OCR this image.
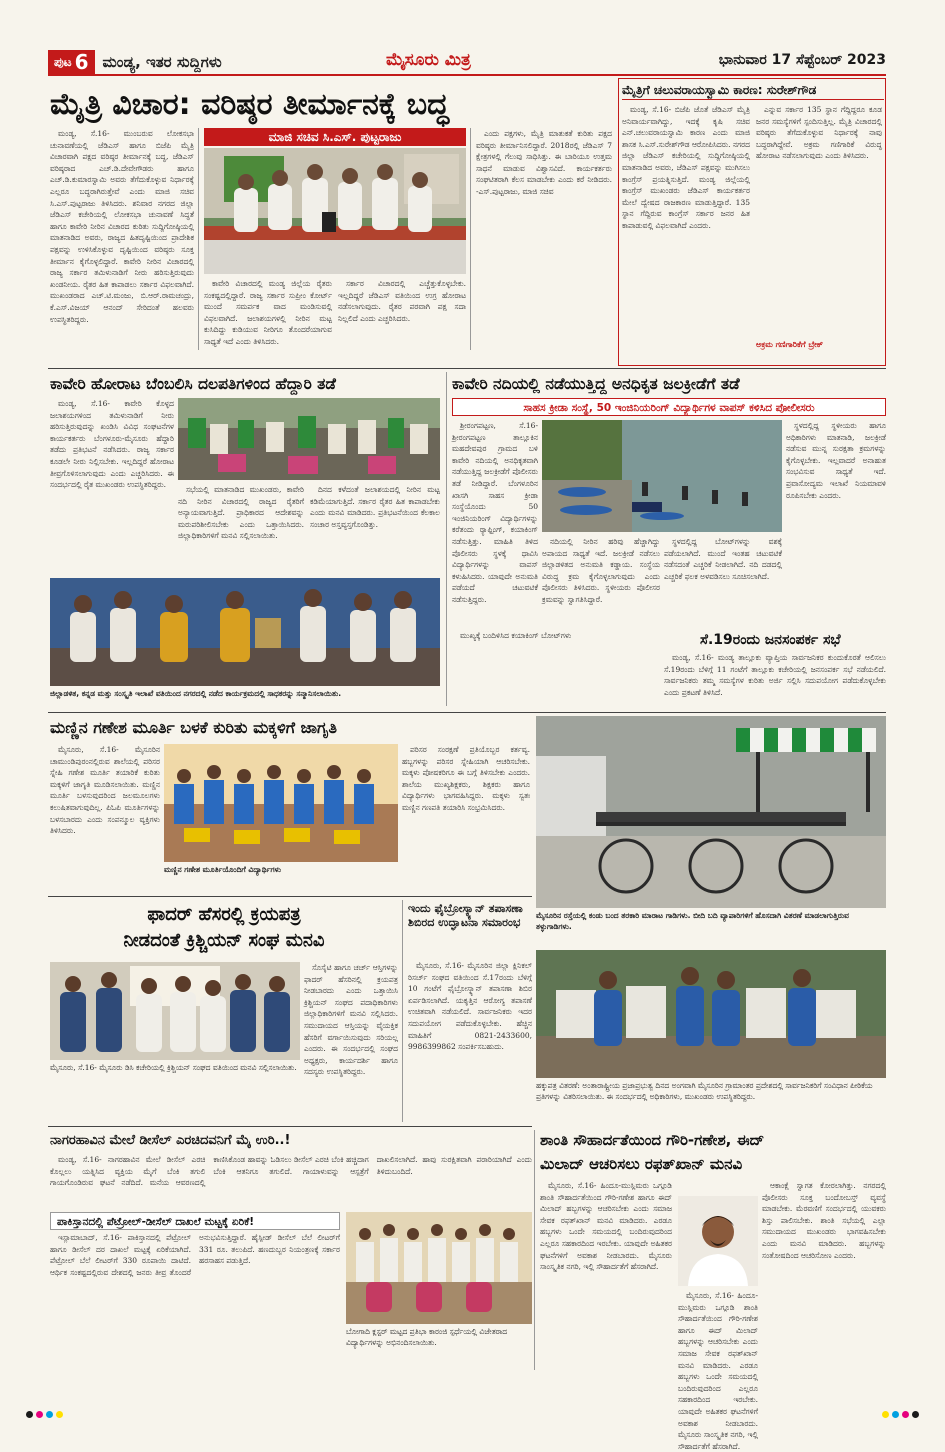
ಪುಟ 6 ಮಂಡ್ಯ, ಇತರ ಸುದ್ದಿಗಳು	ಮೈಸೂರು ಮಿತ್ರ	ಭಾನುವಾರ 17 ಸೆಪ್ಟೆಂಬರ್ 2023
ಮೈತ್ರಿ ವಿಚಾರ: ವರಿಷ್ಠರ ತೀರ್ಮಾನಕ್ಕೆ ಬದ್ಧ

ಮಂಡ್ಯ, ಸೆ.16- ಮುಂಬರುವ ಲೋಕಸಭಾ ಚುನಾವಣೆಯಲ್ಲಿ ಜೆಡಿಎಸ್ ಹಾಗೂ ಬಿಜೆಪಿ ಮೈತ್ರಿ ವಿಚಾರವಾಗಿ ಪಕ್ಷದ ವರಿಷ್ಠರ ತೀರ್ಮಾನಕ್ಕೆ ಬದ್ಧ, ಜೆಡಿಎಸ್ ವರಿಷ್ಠರಾದ ಎಚ್.ಡಿ.ದೇವೇಗೌಡರು ಹಾಗೂ ಎಚ್.ಡಿ.ಕುಮಾರಸ್ವಾಮಿ ಅವರು ತೆಗೆದುಕೊಳ್ಳುವ ನಿರ್ಧಾರಕ್ಕೆ ಎಲ್ಲರೂ ಬದ್ಧರಾಗಿರುತ್ತೇವೆ ಎಂದು ಮಾಜಿ ಸಚಿವ ಸಿ.ಎಸ್.ಪುಟ್ಟರಾಜು ತಿಳಿಸಿದರು. ಶನಿವಾರ ನಗರದ ಜಿಲ್ಲಾ ಜೆಡಿಎಸ್ ಕಚೇರಿಯಲ್ಲಿ ಲೋಕಸಭಾ ಚುನಾವಣೆ ಸಿದ್ಧತೆ ಹಾಗೂ ಕಾವೇರಿ ನೀರಿನ ವಿಚಾರದ ಕುರಿತು ಸುದ್ದಿಗೋಷ್ಠಿಯಲ್ಲಿ ಮಾತನಾಡಿದ ಅವರು, ರಾಜ್ಯದ ಹಿತದೃಷ್ಟಿಯಿಂದ ಪ್ರಾದೇಶಿಕ ಪಕ್ಷವನ್ನು ಉಳಿಸಿಕೊಳ್ಳುವ ದೃಷ್ಟಿಯಿಂದ ವರಿಷ್ಠರು ಸೂಕ್ತ ತೀರ್ಮಾನ ಕೈಗೊಳ್ಳಲಿದ್ದಾರೆ. ಕಾವೇರಿ ನೀರಿನ ವಿಚಾರದಲ್ಲಿ ರಾಜ್ಯ ಸರ್ಕಾರ ತಮಿಳುನಾಡಿಗೆ ನೀರು ಹರಿಸುತ್ತಿರುವುದು ಖಂಡನೀಯ. ರೈತರ ಹಿತ ಕಾಪಾಡಲು ಸರ್ಕಾರ ವಿಫಲವಾಗಿದೆ. ಮುಖಂಡರಾದ ಎಚ್.ಟಿ.ಮಂಜು, ಬಿ.ಆರ್.ರಾಮಚಂದ್ರು, ಕೆ.ಎಸ್.ವಿಜಯ್ ಆನಂದ್ ಸೇರಿದಂತೆ ಹಲವರು ಉಪಸ್ಥಿತರಿದ್ದರು.

ಮಾಜಿ ಸಚಿವ ಸಿ.ಎಸ್. ಪುಟ್ಟರಾಜು

ಕಾವೇರಿ ವಿಚಾರದಲ್ಲಿ ಮಂಡ್ಯ ಜಿಲ್ಲೆಯ ರೈತರು ಸಂಕಷ್ಟದಲ್ಲಿದ್ದಾರೆ. ರಾಜ್ಯ ಸರ್ಕಾರ ಸುಪ್ರೀಂ ಕೋರ್ಟ್ ಮುಂದೆ ಸಮರ್ಪಕ ವಾದ ಮಂಡಿಸುವಲ್ಲಿ ವಿಫಲವಾಗಿದೆ. ಜಲಾಶಯಗಳಲ್ಲಿ ನೀರಿನ ಮಟ್ಟ ಕುಸಿದಿದ್ದು ಕುಡಿಯುವ ನೀರಿಗೂ ತೊಂದರೆಯಾಗುವ ಸಾಧ್ಯತೆ ಇದೆ ಎಂದು ತಿಳಿಸಿದರು.

ಸರ್ಕಾರ ವಿಚಾರದಲ್ಲಿ ಎಚ್ಚೆತ್ತುಕೊಳ್ಳಬೇಕು. ಇಲ್ಲದಿದ್ದರೆ ಜೆಡಿಎಸ್ ವತಿಯಿಂದ ಉಗ್ರ ಹೋರಾಟ ನಡೆಸಲಾಗುವುದು. ರೈತರ ಪರವಾಗಿ ಪಕ್ಷ ಸದಾ ನಿಲ್ಲಲಿದೆ ಎಂದು ಎಚ್ಚರಿಸಿದರು.

ಎಂದು ಪಕ್ಷಗಳು, ಮೈತ್ರಿ ಮಾತುಕತೆ ಕುರಿತು ಪಕ್ಷದ ವರಿಷ್ಠರು ತೀರ್ಮಾನಿಸಲಿದ್ದಾರೆ. 2018ರಲ್ಲಿ ಜೆಡಿಎಸ್ 7 ಕ್ಷೇತ್ರಗಳಲ್ಲಿ ಗೆಲುವು ಸಾಧಿಸಿತ್ತು. ಈ ಬಾರಿಯೂ ಉತ್ತಮ ಸಾಧನೆ ಮಾಡುವ ವಿಶ್ವಾಸವಿದೆ. ಕಾರ್ಯಕರ್ತರು ಸಂಘಟಿತರಾಗಿ ಕೆಲಸ ಮಾಡಬೇಕು ಎಂದು ಕರೆ ನೀಡಿದರು. -ಎಸ್.ಪುಟ್ಟರಾಜು, ಮಾಜಿ ಸಚಿವ

ಮೈತ್ರಿಗೆ ಚಲುವರಾಯಸ್ವಾಮಿ ಕಾರಣ: ಸುರೇಶ್‌ಗೌಡ

ಮಂಡ್ಯ, ಸೆ.16- ಬಿಜೆಪಿ ಜೊತೆ ಜೆಡಿಎಸ್ ಮೈತ್ರಿ ಅನಿವಾರ್ಯವಾಗಿದ್ದು, ಇದಕ್ಕೆ ಕೃಷಿ ಸಚಿವ ಎನ್.ಚಲುವರಾಯಸ್ವಾಮಿ ಕಾರಣ ಎಂದು ಮಾಜಿ ಶಾಸಕ ಸಿ.ಎಸ್.ಸುರೇಶ್‌ಗೌಡ ಆರೋಪಿಸಿದರು. ನಗರದ ಜಿಲ್ಲಾ ಜೆಡಿಎಸ್ ಕಚೇರಿಯಲ್ಲಿ ಸುದ್ದಿಗೋಷ್ಠಿಯಲ್ಲಿ ಮಾತನಾಡಿದ ಅವರು, ಜೆಡಿಎಸ್ ಪಕ್ಷವನ್ನು ಮುಗಿಸಲು ಕಾಂಗ್ರೆಸ್ ಪ್ರಯತ್ನಿಸುತ್ತಿದೆ. ಮಂಡ್ಯ ಜಿಲ್ಲೆಯಲ್ಲಿ ಕಾಂಗ್ರೆಸ್ ಮುಖಂಡರು ಜೆಡಿಎಸ್ ಕಾರ್ಯಕರ್ತರ ಮೇಲೆ ದ್ವೇಷದ ರಾಜಕಾರಣ ಮಾಡುತ್ತಿದ್ದಾರೆ. 135 ಸ್ಥಾನ ಗೆದ್ದಿರುವ ಕಾಂಗ್ರೆಸ್ ಸರ್ಕಾರ ಜನರ ಹಿತ ಕಾಪಾಡುವಲ್ಲಿ ವಿಫಲವಾಗಿದೆ ಎಂದರು.

ಎನ್ನುವ ಸರ್ಕಾರ 135 ಸ್ಥಾನ ಗೆದ್ದಿದ್ದರೂ ಕೂಡ ಜನರ ಸಮಸ್ಯೆಗಳಿಗೆ ಸ್ಪಂದಿಸುತ್ತಿಲ್ಲ. ಮೈತ್ರಿ ವಿಚಾರದಲ್ಲಿ ವರಿಷ್ಠರು ತೆಗೆದುಕೊಳ್ಳುವ ನಿರ್ಧಾರಕ್ಕೆ ನಾವು ಬದ್ಧರಾಗಿದ್ದೇವೆ. ಅಕ್ರಮ ಗಣಿಗಾರಿಕೆ ವಿರುದ್ಧ ಹೋರಾಟ ನಡೆಸಲಾಗುವುದು ಎಂದು ತಿಳಿಸಿದರು.

ಅಕ್ರಮ ಗಣಿಗಾರಿಕೆಗೆ ಬ್ರೇಕ್
ಕಾವೇರಿ ಹೋರಾಟ ಬೆಂಬಲಿಸಿ ದಲಪತಿಗಳಿಂದ ಹೆದ್ದಾರಿ ತಡೆ

ಮಂಡ್ಯ, ಸೆ.16- ಕಾವೇರಿ ಕೊಳ್ಳದ ಜಲಾಶಯಗಳಿಂದ ತಮಿಳುನಾಡಿಗೆ ನೀರು ಹರಿಸುತ್ತಿರುವುದನ್ನು ಖಂಡಿಸಿ ವಿವಿಧ ಸಂಘಟನೆಗಳ ಕಾರ್ಯಕರ್ತರು ಬೆಂಗಳೂರು-ಮೈಸೂರು ಹೆದ್ದಾರಿ ತಡೆದು ಪ್ರತಿಭಟನೆ ನಡೆಸಿದರು. ರಾಜ್ಯ ಸರ್ಕಾರ ಕೂಡಲೇ ನೀರು ನಿಲ್ಲಿಸಬೇಕು. ಇಲ್ಲದಿದ್ದರೆ ಹೋರಾಟ ತೀವ್ರಗೊಳಿಸಲಾಗುವುದು ಎಂದು ಎಚ್ಚರಿಸಿದರು. ಈ ಸಂದರ್ಭದಲ್ಲಿ ರೈತ ಮುಖಂಡರು ಉಪಸ್ಥಿತರಿದ್ದರು.

ಸಭೆಯಲ್ಲಿ ಮಾತನಾಡಿದ ಮುಖಂಡರು, ಕಾವೇರಿ ನದಿ ನೀರಿನ ವಿಚಾರದಲ್ಲಿ ರಾಜ್ಯದ ರೈತರಿಗೆ ಅನ್ಯಾಯವಾಗುತ್ತಿದೆ. ಪ್ರಾಧಿಕಾರದ ಆದೇಶವನ್ನು ಮರುಪರಿಶೀಲಿಸಬೇಕು ಎಂದು ಒತ್ತಾಯಿಸಿದರು. ಜಿಲ್ಲಾಧಿಕಾರಿಗಳಿಗೆ ಮನವಿ ಸಲ್ಲಿಸಲಾಯಿತು.

ದಿನದ ಕಳೆದಂತೆ ಜಲಾಶಯದಲ್ಲಿ ನೀರಿನ ಮಟ್ಟ ಕಡಿಮೆಯಾಗುತ್ತಿದೆ. ಸರ್ಕಾರ ರೈತರ ಹಿತ ಕಾಪಾಡಬೇಕು ಎಂದು ಮನವಿ ಮಾಡಿದರು. ಪ್ರತಿಭಟನೆಯಿಂದ ಕೆಲಕಾಲ ಸಂಚಾರ ಅಸ್ತವ್ಯಸ್ತಗೊಂಡಿತ್ತು.

ಜಿಲ್ಲಾಡಳಿತ, ಕನ್ನಡ ಮತ್ತು ಸಂಸ್ಕೃತಿ ಇಲಾಖೆ ವತಿಯಿಂದ ನಗರದಲ್ಲಿ ನಡೆದ ಕಾರ್ಯಕ್ರಮದಲ್ಲಿ ಸಾಧಕರನ್ನು ಸನ್ಮಾನಿಸಲಾಯಿತು.
ಕಾವೇರಿ ನದಿಯಲ್ಲಿ ನಡೆಯುತ್ತಿದ್ದ ಅನಧಿಕೃತ ಜಲಕ್ರೀಡೆಗೆ ತಡೆ
ಸಾಹಸ ಕ್ರೀಡಾ ಸಂಸ್ಥೆ, 50 ಇಂಜಿನಿಯರಿಂಗ್ ವಿದ್ಯಾರ್ಥಿಗಳ ವಾಪಸ್ ಕಳಿಸಿದ ಪೋಲೀಸರು

ಶ್ರೀರಂಗಪಟ್ಟಣ, ಸೆ.16- ಶ್ರೀರಂಗಪಟ್ಟಣ ತಾಲ್ಲೂಕಿನ ಮಹದೇವಪುರ ಗ್ರಾಮದ ಬಳಿ ಕಾವೇರಿ ನದಿಯಲ್ಲಿ ಅನಧಿಕೃತವಾಗಿ ನಡೆಯುತ್ತಿದ್ದ ಜಲಕ್ರೀಡೆಗೆ ಪೊಲೀಸರು ತಡೆ ನೀಡಿದ್ದಾರೆ. ಬೆಂಗಳೂರಿನ ಖಾಸಗಿ ಸಾಹಸ ಕ್ರೀಡಾ ಸಂಸ್ಥೆಯೊಂದು 50 ಇಂಜಿನಿಯರಿಂಗ್ ವಿದ್ಯಾರ್ಥಿಗಳನ್ನು ಕರೆತಂದು ರ್‍ಯಾಫ್ಟಿಂಗ್, ಕಯಾಕಿಂಗ್ ನಡೆಸುತ್ತಿತ್ತು. ಮಾಹಿತಿ ತಿಳಿದ ಪೊಲೀಸರು ಸ್ಥಳಕ್ಕೆ ಧಾವಿಸಿ ವಿದ್ಯಾರ್ಥಿಗಳನ್ನು ವಾಪಸ್ ಕಳುಹಿಸಿದರು. ಯಾವುದೇ ಅನುಮತಿ ಪಡೆಯದೆ ಚಟುವಟಿಕೆ ನಡೆಸುತ್ತಿದ್ದರು.

ಸ್ಥಳದಲ್ಲಿದ್ದ ಸ್ಥಳೀಯರು ಹಾಗೂ ಅಧಿಕಾರಿಗಳು ಮಾತನಾಡಿ, ಜಲಕ್ರೀಡೆ ನಡೆಸುವ ಮುನ್ನ ಸುರಕ್ಷತಾ ಕ್ರಮಗಳನ್ನು ಕೈಗೊಳ್ಳಬೇಕು. ಇಲ್ಲವಾದರೆ ಅನಾಹುತ ಸಂಭವಿಸುವ ಸಾಧ್ಯತೆ ಇದೆ. ಪ್ರವಾಸೋದ್ಯಮ ಇಲಾಖೆ ನಿಯಮಾವಳಿ ರೂಪಿಸಬೇಕು ಎಂದರು.

ನದಿಯಲ್ಲಿ ನೀರಿನ ಹರಿವು ಹೆಚ್ಚಾಗಿದ್ದು ಅಪಾಯದ ಸಾಧ್ಯತೆ ಇದೆ. ಜಲಕ್ರೀಡೆ ನಡೆಸಲು ಜಿಲ್ಲಾಡಳಿತದ ಅನುಮತಿ ಕಡ್ಡಾಯ. ಸಂಸ್ಥೆಯ ವಿರುದ್ಧ ಕ್ರಮ ಕೈಗೊಳ್ಳಲಾಗುವುದು ಎಂದು ಪೊಲೀಸರು ತಿಳಿಸಿದರು. ಸ್ಥಳೀಯರು ಪೊಲೀಸರ ಕ್ರಮವನ್ನು ಸ್ವಾಗತಿಸಿದ್ದಾರೆ.

ಸ್ಥಳದಲ್ಲಿದ್ದ ಬೋಟ್‌ಗಳನ್ನು ವಶಕ್ಕೆ ಪಡೆಯಲಾಗಿದೆ. ಮುಂದೆ ಇಂತಹ ಚಟುವಟಿಕೆ ನಡೆಸದಂತೆ ಎಚ್ಚರಿಕೆ ನೀಡಲಾಗಿದೆ. ನದಿ ದಡದಲ್ಲಿ ಎಚ್ಚರಿಕೆ ಫಲಕ ಅಳವಡಿಸಲು ಸೂಚಿಸಲಾಗಿದೆ.

ಸೆ.19ರಂದು ಜನಸಂಪರ್ಕ ಸಭೆ

ಮಂಡ್ಯ, ಸೆ.16- ಮಂಡ್ಯ ತಾಲ್ಲೂಕು ವ್ಯಾಪ್ತಿಯ ಸಾರ್ವಜನಿಕರ ಕುಂದುಕೊರತೆ ಆಲಿಸಲು ಸೆ.19ರಂದು ಬೆಳಿಗ್ಗೆ 11 ಗಂಟೆಗೆ ತಾಲ್ಲೂಕು ಕಚೇರಿಯಲ್ಲಿ ಜನಸಂಪರ್ಕ ಸಭೆ ನಡೆಯಲಿದೆ. ಸಾರ್ವಜನಿಕರು ತಮ್ಮ ಸಮಸ್ಯೆಗಳ ಕುರಿತು ಅರ್ಜಿ ಸಲ್ಲಿಸಿ ಸದುಪಯೋಗ ಪಡೆದುಕೊಳ್ಳಬೇಕು ಎಂದು ಪ್ರಕಟಣೆ ತಿಳಿಸಿದೆ.

ಮುಖ್ಯಕ್ಕೆ ಬಂದಿಳಿಸಿದ ಕಯಾಕಿಂಗ್ ಬೋಟ್‌ಗಳು

ಮಣ್ಣಿನ ಗಣೇಶ ಮೂರ್ತಿ ಬಳಕೆ ಕುರಿತು ಮಕ್ಕಳಿಗೆ ಜಾಗೃತಿ

ಮೈಸೂರು, ಸೆ.16- ಮೈಸೂರಿನ ಚಾಮುಂಡಿಪುರಂನಲ್ಲಿರುವ ಶಾಲೆಯಲ್ಲಿ ಪರಿಸರ ಸ್ನೇಹಿ ಗಣೇಶ ಮೂರ್ತಿ ತಯಾರಿಕೆ ಕುರಿತು ಮಕ್ಕಳಿಗೆ ಜಾಗೃತಿ ಮೂಡಿಸಲಾಯಿತು. ಮಣ್ಣಿನ ಮೂರ್ತಿ ಬಳಸುವುದರಿಂದ ಜಲಮೂಲಗಳು ಕಲುಷಿತವಾಗುವುದಿಲ್ಲ. ಪಿಓಪಿ ಮೂರ್ತಿಗಳನ್ನು ಬಳಸಬಾರದು ಎಂದು ಸಂಪನ್ಮೂಲ ವ್ಯಕ್ತಿಗಳು ತಿಳಿಸಿದರು.

ಮಣ್ಣಿನ ಗಣೇಶ ಮೂರ್ತಿಯೊಂದಿಗೆ ವಿದ್ಯಾರ್ಥಿಗಳು

ಪರಿಸರ ಸಂರಕ್ಷಣೆ ಪ್ರತಿಯೊಬ್ಬರ ಕರ್ತವ್ಯ. ಹಬ್ಬಗಳನ್ನು ಪರಿಸರ ಸ್ನೇಹಿಯಾಗಿ ಆಚರಿಸಬೇಕು. ಮಕ್ಕಳು ಪೋಷಕರಿಗೂ ಈ ಬಗ್ಗೆ ತಿಳಿಸಬೇಕು ಎಂದರು. ಶಾಲೆಯ ಮುಖ್ಯಶಿಕ್ಷಕರು, ಶಿಕ್ಷಕರು ಹಾಗೂ ವಿದ್ಯಾರ್ಥಿಗಳು ಭಾಗವಹಿಸಿದ್ದರು. ಮಕ್ಕಳು ಸ್ವತಃ ಮಣ್ಣಿನ ಗಣಪತಿ ತಯಾರಿಸಿ ಸಂಭ್ರಮಿಸಿದರು.

ಮೈಸೂರಿನ ರಸ್ತೆಯಲ್ಲಿ ಕಂಡು ಬಂದ ತರಕಾರಿ ಮಾರಾಟ ಗಾಡಿಗಳು. ಬೀದಿ ಬದಿ ವ್ಯಾಪಾರಿಗಳಿಗೆ ಹೊಸದಾಗಿ ವಿತರಣೆ ಮಾಡಲಾಗುತ್ತಿರುವ ತಳ್ಳುಗಾಡಿಗಳು.
ಫಾದರ್ ಹೆಸರಲ್ಲಿ ಕ್ರಯಪತ್ರ
ನೀಡದಂತೆ ಕ್ರಿಶ್ಚಿಯನ್ ಸಂಘ ಮನವಿ

ಸೊಸೈಟಿ ಹಾಗೂ ಚರ್ಚ್ ಆಸ್ತಿಗಳನ್ನು ಫಾದರ್ ಹೆಸರಿನಲ್ಲಿ ಕ್ರಯಪತ್ರ ನೀಡಬಾರದು ಎಂದು ಒತ್ತಾಯಿಸಿ ಕ್ರಿಶ್ಚಿಯನ್ ಸಂಘದ ಪದಾಧಿಕಾರಿಗಳು ಜಿಲ್ಲಾಧಿಕಾರಿಗಳಿಗೆ ಮನವಿ ಸಲ್ಲಿಸಿದರು. ಸಮುದಾಯದ ಆಸ್ತಿಯನ್ನು ವೈಯಕ್ತಿಕ ಹೆಸರಿಗೆ ವರ್ಗಾಯಿಸುವುದು ಸರಿಯಲ್ಲ ಎಂದರು. ಈ ಸಂದರ್ಭದಲ್ಲಿ ಸಂಘದ ಅಧ್ಯಕ್ಷರು, ಕಾರ್ಯದರ್ಶಿ ಹಾಗೂ ಸದಸ್ಯರು ಉಪಸ್ಥಿತರಿದ್ದರು.

ಮೈಸೂರು, ಸೆ.16- ಮೈಸೂರು ಡಿಸಿ ಕಚೇರಿಯಲ್ಲಿ ಕ್ರಿಶ್ಚಿಯನ್ ಸಂಘದ ವತಿಯಿಂದ ಮನವಿ ಸಲ್ಲಿಸಲಾಯಿತು.
ಇಂದು ಫೈಬ್ರೋಸ್ಕ್ಯಾನ್ ತಪಾಸಣಾ ಶಿಬಿರದ ಉದ್ಘಾಟನಾ ಸಮಾರಂಭ

ಮೈಸೂರು, ಸೆ.16- ಮೈಸೂರಿನ ಜಿಲ್ಲಾ ಕ್ಲಿನಿಕಲ್ ರಿಸರ್ಚ್ ಸಂಘದ ವತಿಯಿಂದ ಸೆ.17ರಂದು ಬೆಳಿಗ್ಗೆ 10 ಗಂಟೆಗೆ ಫೈಬ್ರೋಸ್ಕ್ಯಾನ್ ತಪಾಸಣಾ ಶಿಬಿರ ಏರ್ಪಡಿಸಲಾಗಿದೆ. ಯಕೃತ್ತಿನ ಆರೋಗ್ಯ ತಪಾಸಣೆ ಉಚಿತವಾಗಿ ನಡೆಯಲಿದೆ. ಸಾರ್ವಜನಿಕರು ಇದರ ಸದುಪಯೋಗ ಪಡೆದುಕೊಳ್ಳಬೇಕು. ಹೆಚ್ಚಿನ ಮಾಹಿತಿಗೆ 0821-2433600, 9986399862 ಸಂಪರ್ಕಿಸಬಹುದು.

ಹಕ್ಕುಪತ್ರ ವಿತರಣೆ: ಅಂತಾರಾಷ್ಟ್ರೀಯ ಪ್ರಜಾಪ್ರಭುತ್ವ ದಿನದ ಅಂಗವಾಗಿ ಮೈಸೂರಿನ ಗ್ರಾಮಾಂತರ ಪ್ರದೇಶದಲ್ಲಿ ಸಾರ್ವಜನಿಕರಿಗೆ ಸಂವಿಧಾನ ಪೀಠಿಕೆಯ ಪ್ರತಿಗಳನ್ನು ವಿತರಿಸಲಾಯಿತು. ಈ ಸಂದರ್ಭದಲ್ಲಿ ಅಧಿಕಾರಿಗಳು, ಮುಖಂಡರು ಉಪಸ್ಥಿತರಿದ್ದರು.
ನಾಗರಹಾವಿನ ಮೇಲೆ ಡೀಸೆಲ್ ಎರಚಿದವನಿಗೆ ಮೈ ಉರಿ..!

ಮಂಡ್ಯ, ಸೆ.16- ನಾಗರಹಾವಿನ ಮೇಲೆ ಡೀಸೆಲ್ ಎರಚಿ ಕೊಲ್ಲಲು ಯತ್ನಿಸಿದ ವ್ಯಕ್ತಿಯ ಮೈಗೆ ಬೆಂಕಿ ತಗುಲಿ ಗಾಯಗೊಂಡಿರುವ ಘಟನೆ ನಡೆದಿದೆ. ಮನೆಯ ಆವರಣದಲ್ಲಿ ಕಾಣಿಸಿಕೊಂಡ ಹಾವನ್ನು ಓಡಿಸಲು ಡೀಸೆಲ್ ಎರಚಿ ಬೆಂಕಿ ಹಚ್ಚಿದಾಗ ಬೆಂಕಿ ಆತನಿಗೂ ತಗುಲಿದೆ. ಗಾಯಾಳುವನ್ನು ಆಸ್ಪತ್ರೆಗೆ ದಾಖಲಿಸಲಾಗಿದೆ. ಹಾವು ಸುರಕ್ಷಿತವಾಗಿ ಪರಾರಿಯಾಗಿದೆ ಎಂದು ತಿಳಿದುಬಂದಿದೆ.

ಪಾಕಿಸ್ತಾನದಲ್ಲಿ ಪೆಟ್ರೋಲ್-ಡೀಸೆಲ್ ದಾಖಲೆ ಮಟ್ಟಕ್ಕೆ ಏರಿಕೆ!

ಇಸ್ಲಾಮಾಬಾದ್, ಸೆ.16- ಪಾಕಿಸ್ತಾನದಲ್ಲಿ ಪೆಟ್ರೋಲ್ ಹಾಗೂ ಡೀಸೆಲ್ ದರ ದಾಖಲೆ ಮಟ್ಟಕ್ಕೆ ಏರಿಕೆಯಾಗಿದೆ. ಪೆಟ್ರೋಲ್ ಬೆಲೆ ಲೀಟರ್‌ಗೆ 330 ರೂಪಾಯಿ ದಾಟಿದೆ. ಆರ್ಥಿಕ ಸಂಕಷ್ಟದಲ್ಲಿರುವ ದೇಶದಲ್ಲಿ ಜನರು ತೀವ್ರ ತೊಂದರೆ ಅನುಭವಿಸುತ್ತಿದ್ದಾರೆ. ಹೈಸ್ಪೀಡ್ ಡೀಸೆಲ್ ಬೆಲೆ ಲೀಟರ್‌ಗೆ 331 ರೂ. ತಲುಪಿದೆ. ಹಣದುಬ್ಬರ ನಿಯಂತ್ರಣಕ್ಕೆ ಸರ್ಕಾರ ಹರಸಾಹಸ ಪಡುತ್ತಿದೆ.

ಬೋಗಾದಿ ಕ್ಲಸ್ಟರ್ ಮಟ್ಟದ ಪ್ರತಿಭಾ ಕಾರಂಜಿ ಸ್ಪರ್ಧೆಯಲ್ಲಿ ವಿಜೇತರಾದ ವಿದ್ಯಾರ್ಥಿಗಳನ್ನು ಅಭಿನಂದಿಸಲಾಯಿತು.
ಶಾಂತಿ ಸೌಹಾರ್ದತೆಯಿಂದ ಗೌರಿ-ಗಣೇಶ, ಈದ್
ಮಿಲಾದ್ ಆಚರಿಸಲು ರಫತ್‌ಖಾನ್ ಮನವಿ

ಮೈಸೂರು, ಸೆ.16- ಹಿಂದೂ-ಮುಸ್ಲಿಮರು ಒಗ್ಗೂಡಿ ಶಾಂತಿ ಸೌಹಾರ್ದತೆಯಿಂದ ಗೌರಿ-ಗಣೇಶ ಹಾಗೂ ಈದ್ ಮಿಲಾದ್ ಹಬ್ಬಗಳನ್ನು ಆಚರಿಸಬೇಕು ಎಂದು ಸಮಾಜ ಸೇವಕ ರಫತ್‌ಖಾನ್ ಮನವಿ ಮಾಡಿದರು. ಎರಡೂ ಹಬ್ಬಗಳು ಒಂದೇ ಸಮಯದಲ್ಲಿ ಬಂದಿರುವುದರಿಂದ ಎಲ್ಲರೂ ಸಹಕಾರದಿಂದ ಇರಬೇಕು. ಯಾವುದೇ ಅಹಿತಕರ ಘಟನೆಗಳಿಗೆ ಅವಕಾಶ ನೀಡಬಾರದು. ಮೈಸೂರು ಸಾಂಸ್ಕೃತಿಕ ನಗರಿ, ಇಲ್ಲಿ ಸೌಹಾರ್ದತೆಗೆ ಹೆಸರಾಗಿದೆ.

ಆಕಾಂಕ್ಷೆ ಸ್ವಾಗತ ಕೋರಲಾಗಿತ್ತು. ನಗರದಲ್ಲಿ ಪೊಲೀಸರು ಸೂಕ್ತ ಬಂದೋಬಸ್ತ್ ವ್ಯವಸ್ಥೆ ಮಾಡಬೇಕು. ಮೆರವಣಿಗೆ ಸಂದರ್ಭದಲ್ಲಿ ಯುವಕರು ಶಿಸ್ತು ಪಾಲಿಸಬೇಕು. ಶಾಂತಿ ಸಭೆಯಲ್ಲಿ ಎಲ್ಲಾ ಸಮುದಾಯದ ಮುಖಂಡರು ಭಾಗವಹಿಸಬೇಕು ಎಂದು ಮನವಿ ಮಾಡಿದರು. ಹಬ್ಬಗಳನ್ನು ಸಂತೋಷದಿಂದ ಆಚರಿಸೋಣ ಎಂದರು.

ಮೈಸೂರು, ಸೆ.16- ಹಿಂದೂ-ಮುಸ್ಲಿಮರು ಒಗ್ಗೂಡಿ ಶಾಂತಿ ಸೌಹಾರ್ದತೆಯಿಂದ ಗೌರಿ-ಗಣೇಶ ಹಾಗೂ ಈದ್ ಮಿಲಾದ್ ಹಬ್ಬಗಳನ್ನು ಆಚರಿಸಬೇಕು ಎಂದು ಸಮಾಜ ಸೇವಕ ರಫತ್‌ಖಾನ್ ಮನವಿ ಮಾಡಿದರು. ಎರಡೂ ಹಬ್ಬಗಳು ಒಂದೇ ಸಮಯದಲ್ಲಿ ಬಂದಿರುವುದರಿಂದ ಎಲ್ಲರೂ ಸಹಕಾರದಿಂದ ಇರಬೇಕು. ಯಾವುದೇ ಅಹಿತಕರ ಘಟನೆಗಳಿಗೆ ಅವಕಾಶ ನೀಡಬಾರದು. ಮೈಸೂರು ಸಾಂಸ್ಕೃತಿಕ ನಗರಿ, ಇಲ್ಲಿ ಸೌಹಾರ್ದತೆಗೆ ಹೆಸರಾಗಿದೆ.
